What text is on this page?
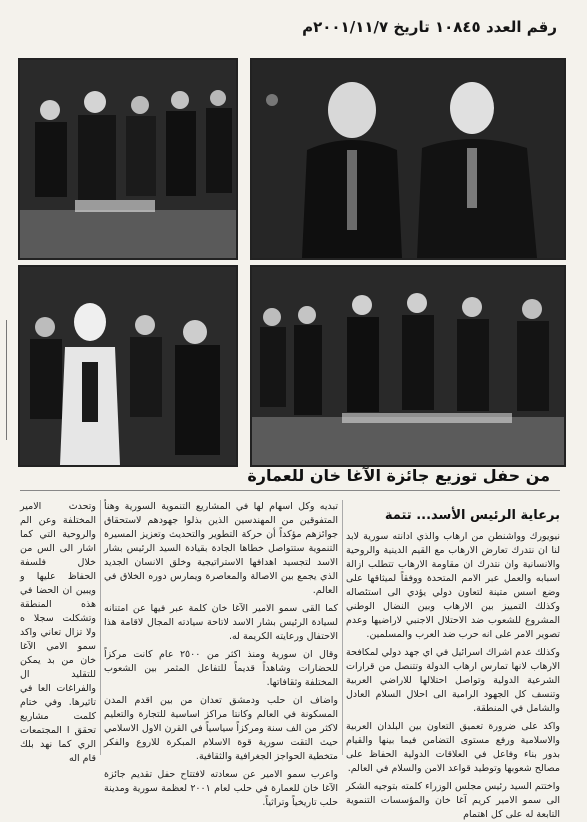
رقم العدد ١٠٨٤٥ تاريخ ٢٠٠١/١١/٧م
من حفل توزيع جائزة الآغا خان للعمارة
برعاية الرئيس الأسد... تتمة

نيويورك وواشنطن من ارهاب والذي ادانته سورية لابد لنا ان نتدرك تعارض الارهاب مع القيم الدينية والروحية والانسانية وان نتدرك ان مقاومة الارهاب تتطلب ازالة اسبابه والعمل عبر الامم المتحدة ووفقاً لميثاقها على وضع اسس متينة لتعاون دولي يؤدي الى استئصاله وكذلك التمييز بين الارهاب وبين النضال الوطني المشروع للشعوب ضد الاحتلال الاجنبي لاراضيها وعدم تصوير الامر على انه حرب ضد العرب والمسلمين.

وكذلك عدم اشراك اسرائيل في اي جهد دولي لمكافحة الارهاب لانها تمارس ارهاب الدولة وتتنصل من قرارات الشرعية الدولية وتواصل احتلالها للاراضي العربية وتنسف كل الجهود الرامية الى احلال السلام العادل والشامل في المنطقة.

واكد على ضرورة تعميق التعاون بين البلدان العربية والاسلامية ورفع مستوى التضامن فيما بينها والقيام بدور بناء وفاعل في العلاقات الدولية الحفاظ على مصالح شعوبها وتوطيد قواعد الامن والسلام في العالم.

واختتم السيد رئيس مجلس الوزراء كلمته بتوجيه الشكر الى سمو الامير كريم آغا خان والمؤسسات التنموية التابعة له على كل اهتمام

تبديه وكل اسهام لها في المشاريع التنموية السورية وهنأ المتفوقين من المهندسين الذين بذلوا جهودهم لاستحقاق جوائزهم مؤكداً أن حركة التطوير والتحديث وتعزيز المسيرة التنموية ستتواصل خطاها الجادة بقيادة السيد الرئيس بشار الاسد لتجسيد اهدافها الاستراتيجية وخلق الانسان الجديد الذي يجمع بين الاصالة والمعاصرة ويمارس دوره الخلاق في العالم.

كما القى سمو الامير الآغا خان كلمة عبر فيها عن امتنانه لسيادة الرئيس بشار الاسد لاتاحة سيادته المجال لاقامة هذا الاحتفال ورعايته الكريمة له.

وقال ان سورية ومنذ اكثر من ٢٥٠٠ عام كانت مركزاً للحضارات وشاهداً قديماً للتفاعل المثمر بين الشعوب المختلفة وثقافاتها.

واضاف ان حلب ودمشق تعدان من بين اقدم المدن المسكونة في العالم وكانتا مراكز اساسية للتجارة والتعليم لاكثر من الف سنة ومركزاً سياسياً في القرن الاول الاسلامي حيث التقت سورية قوة الاسلام المبكرة للاروع والفكر متخطية الحواجز الجغرافية والثقافية.

واعرب سمو الامير عن سعادته لافتتاح حفل تقديم جائزة الآغا خان للعمارة في حلب لعام ٢٠٠١ لعظمة سورية ومدينة حلب تاريخياً وتراثياً.

وتحدث الامير المختلفة وعن الم والروحية التي كما اشار الى الس من خلال فلسفة الحفاظ عليها و ويبين ان الحضا في هذه المنطقة وتشكلت سجلا ه ولا تزال تعاني واكد سمو الامي الآغا خان من بد يمكن للتقليد ال والفراغات العا في تاثيرها. وفي ختام كلمت مشاريع تحقق ا المجتمعات الري كما نهد بلك قام اله
